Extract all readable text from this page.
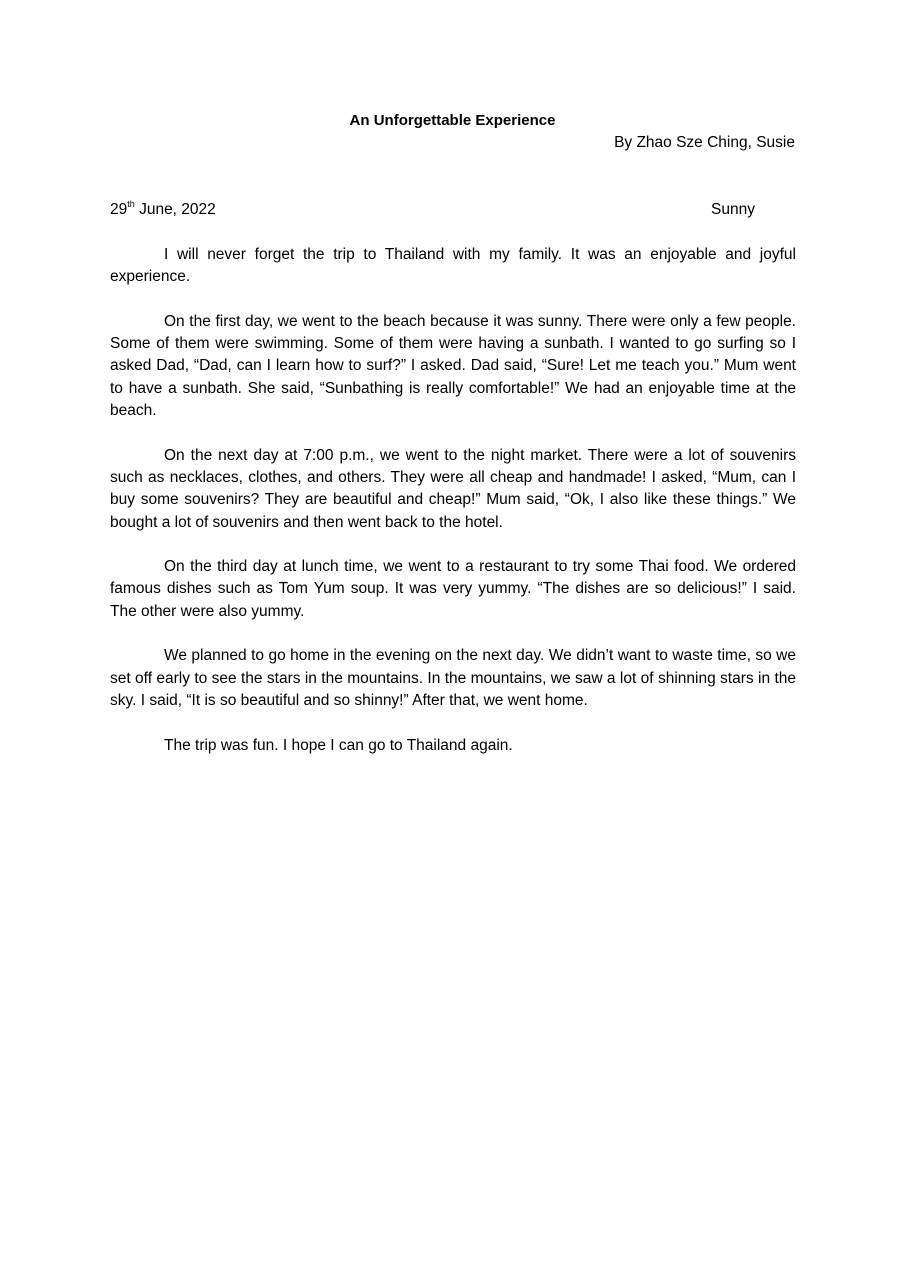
An Unforgettable Experience
By Zhao Sze Ching, Susie
29th June, 2022	Sunny

I will never forget the trip to Thailand with my family. It was an enjoyable and joyful experience.

On the first day, we went to the beach because it was sunny. There were only a few people. Some of them were swimming. Some of them were having a sunbath. I wanted to go surfing so I asked Dad, “Dad, can I learn how to surf?” I asked. Dad said, “Sure! Let me teach you.” Mum went to have a sunbath. She said, “Sunbathing is really comfortable!” We had an enjoyable time at the beach.

On the next day at 7:00 p.m., we went to the night market. There were a lot of souvenirs such as necklaces, clothes, and others. They were all cheap and handmade! I asked, “Mum, can I buy some souvenirs? They are beautiful and cheap!” Mum said, “Ok, I also like these things.” We bought a lot of souvenirs and then went back to the hotel.

On the third day at lunch time, we went to a restaurant to try some Thai food. We ordered famous dishes such as Tom Yum soup. It was very yummy. “The dishes are so delicious!” I said. The other were also yummy.

We planned to go home in the evening on the next day. We didn’t want to waste time, so we set off early to see the stars in the mountains. In the mountains, we saw a lot of shinning stars in the sky. I said, “It is so beautiful and so shinny!” After that, we went home.

The trip was fun. I hope I can go to Thailand again.
